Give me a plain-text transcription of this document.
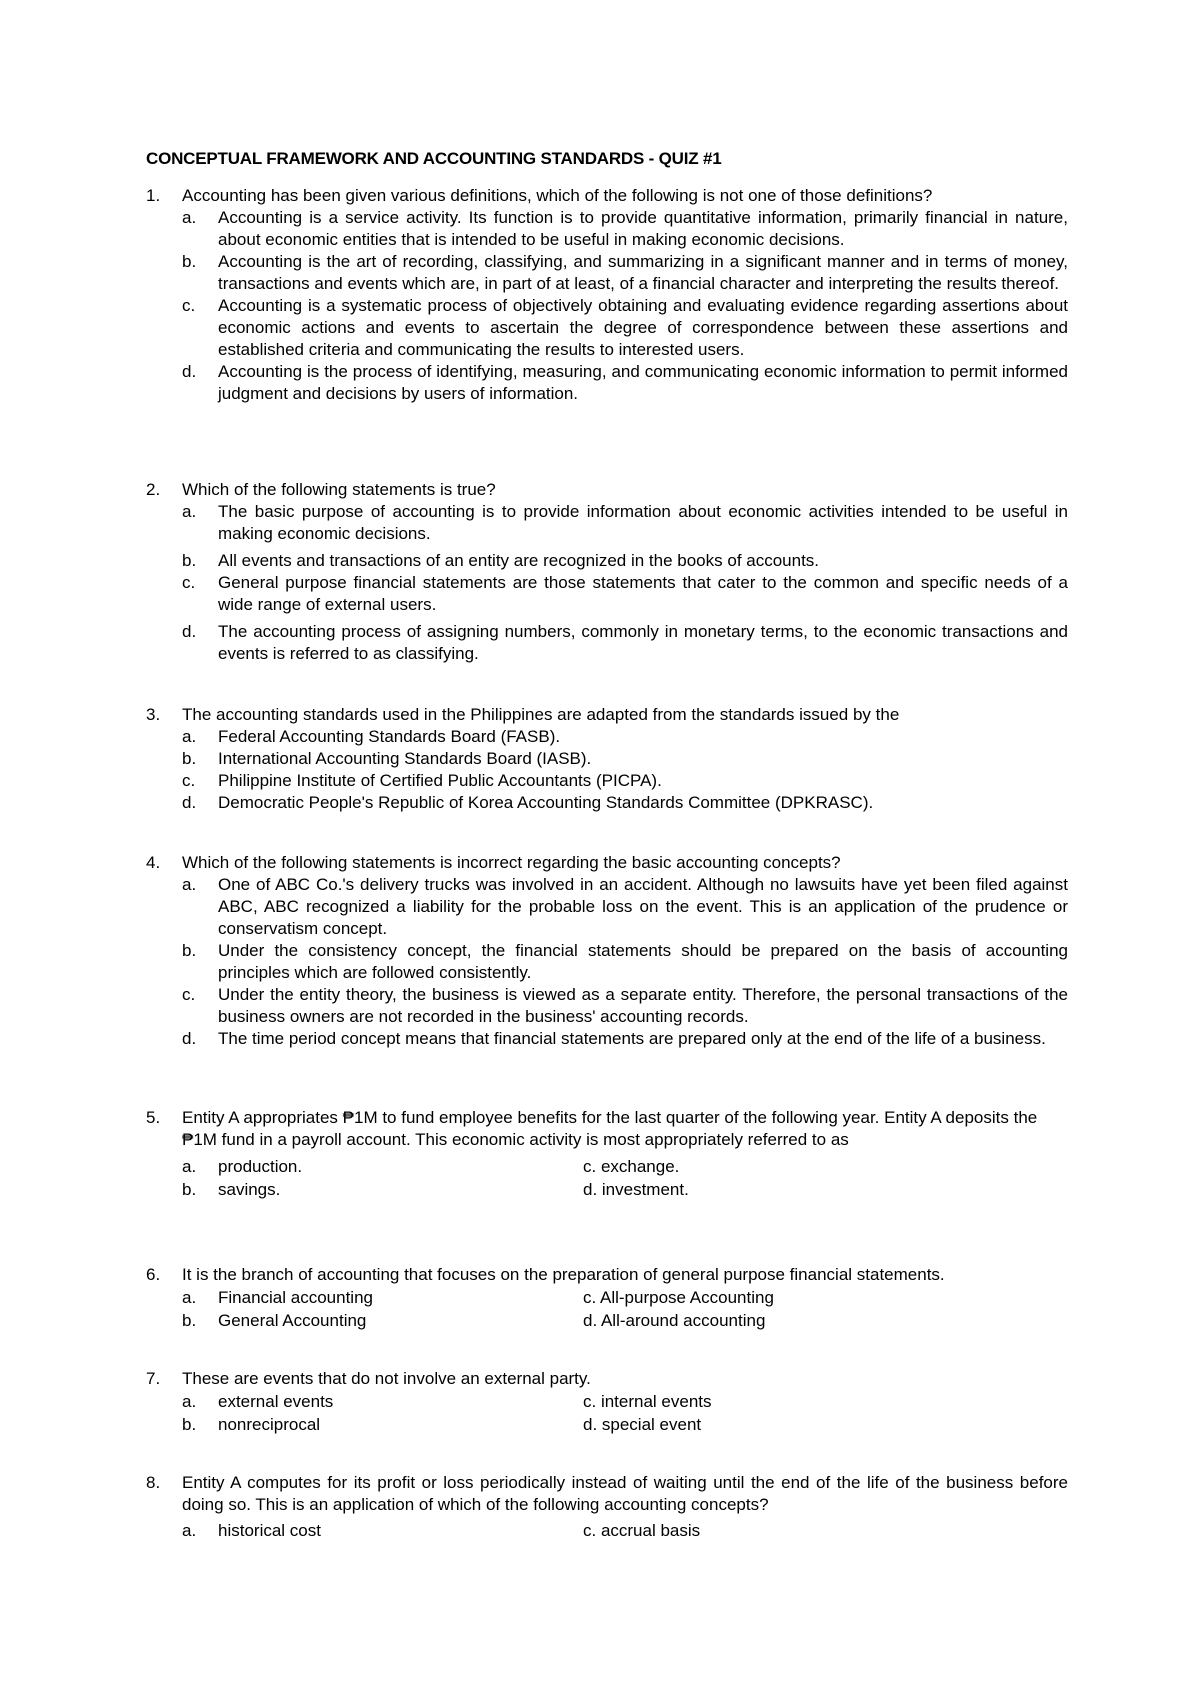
CONCEPTUAL FRAMEWORK AND ACCOUNTING STANDARDS - QUIZ #1
1.	Accounting has been given various definitions, which of the following is not one of those definitions?
a.	Accounting is a service activity. Its function is to provide quantitative information, primarily financial in nature, about economic entities that is intended to be useful in making economic decisions.
b.	Accounting is the art of recording, classifying, and summarizing in a significant manner and in terms of money, transactions and events which are, in part of at least, of a financial character and interpreting the results thereof.
c.	Accounting is a systematic process of objectively obtaining and evaluating evidence regarding assertions about economic actions and events to ascertain the degree of correspondence between these assertions and established criteria and communicating the results to interested users.
d.	Accounting is the process of identifying, measuring, and communicating economic information to permit informed judgment and decisions by users of information.
2.	Which of the following statements is true?
a.	The basic purpose of accounting is to provide information about economic activities intended to be useful in making economic decisions.
b.	All events and transactions of an entity are recognized in the books of accounts.
c.	General purpose financial statements are those statements that cater to the common and specific needs of a wide range of external users.
d.	The accounting process of assigning numbers, commonly in monetary terms, to the economic transactions and events is referred to as classifying.
3.	The accounting standards used in the Philippines are adapted from the standards issued by the
a.	Federal Accounting Standards Board (FASB).
b.	International Accounting Standards Board (IASB).
c.	Philippine Institute of Certified Public Accountants (PICPA).
d.	Democratic People's Republic of Korea Accounting Standards Committee (DPKRASC).
4.	Which of the following statements is incorrect regarding the basic accounting concepts?
a.	One of ABC Co.'s delivery trucks was involved in an accident. Although no lawsuits have yet been filed against ABC, ABC recognized a liability for the probable loss on the event. This is an application of the prudence or conservatism concept.
b.	Under the consistency concept, the financial statements should be prepared on the basis of accounting principles which are followed consistently.
c.	Under the entity theory, the business is viewed as a separate entity. Therefore, the personal transactions of the business owners are not recorded in the business' accounting records.
d.	The time period concept means that financial statements are prepared only at the end of the life of a business.
5.	Entity A appropriates ₱1M to fund employee benefits for the last quarter of the following year. Entity A deposits the
₱1M fund in a payroll account. This economic activity is most appropriately referred to as
a.	production.	c. exchange.
b.	savings.	d. investment.
6.	It is the branch of accounting that focuses on the preparation of general purpose financial statements.
a.	Financial accounting	c. All-purpose Accounting
b.	General Accounting	d. All-around accounting
7.	These are events that do not involve an external party.
a.	external events	c. internal events
b.	nonreciprocal	d. special event
8.	Entity A computes for its profit or loss periodically instead of waiting until the end of the life of the business before doing so. This is an application of which of the following accounting concepts?
a.	historical cost	c. accrual basis
